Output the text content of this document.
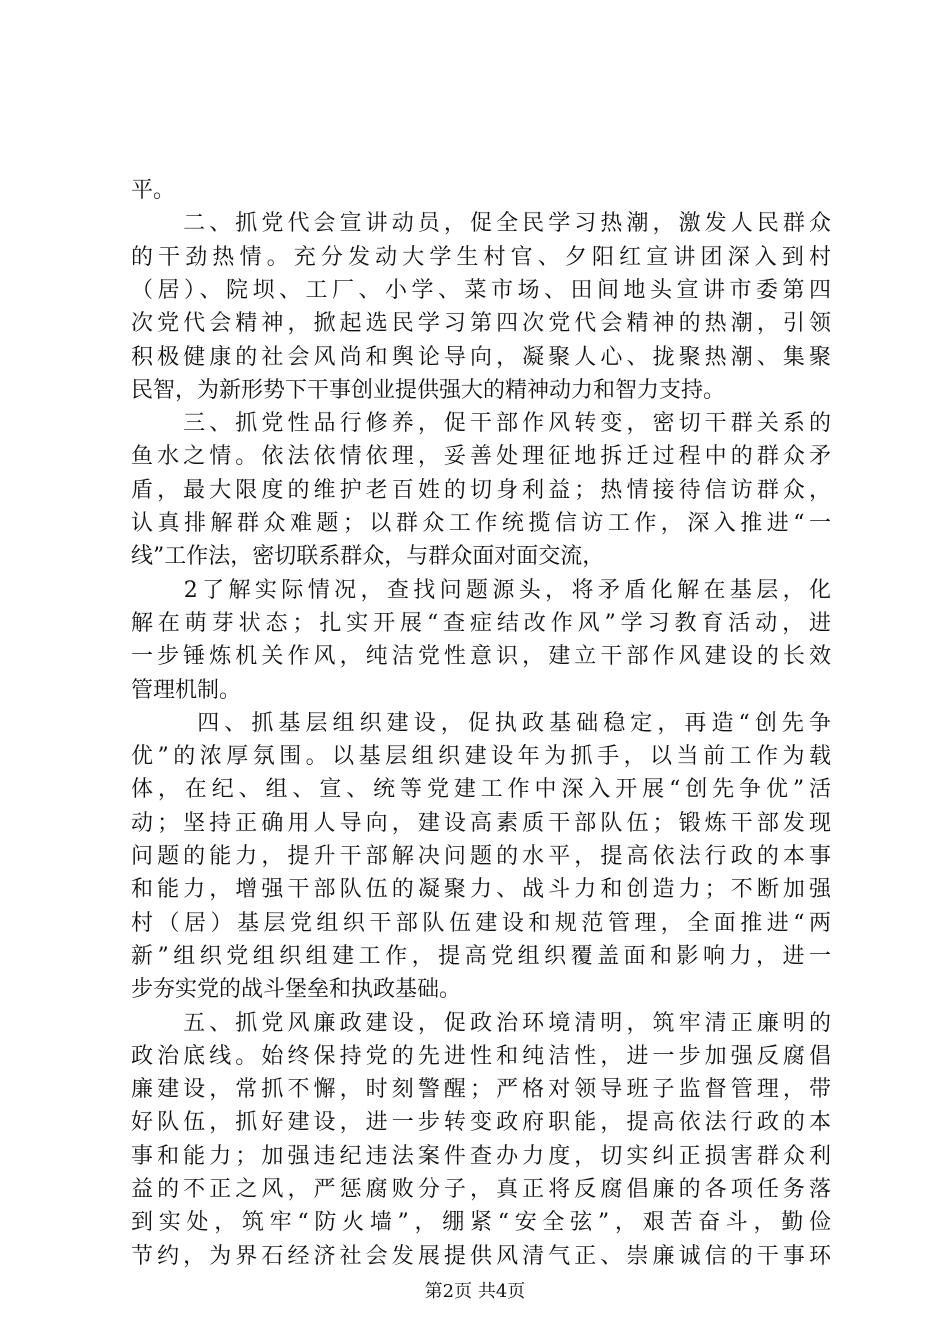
平。
　　二、抓党代会宣讲动员，促全民学习热潮，激发人民群众
的干劲热情。充分发动大学生村官、夕阳红宣讲团深入到村
（居）、院坝、工厂、小学、菜市场、田间地头宣讲市委第四
次党代会精神，掀起选民学习第四次党代会精神的热潮，引领
积极健康的社会风尚和舆论导向，凝聚人心、拢聚热潮、集聚
民智，为新形势下干事创业提供强大的精神动力和智力支持。
　　三、抓党性品行修养，促干部作风转变，密切干群关系的
鱼水之情。依法依情依理，妥善处理征地拆迁过程中的群众矛
盾，最大限度的维护老百姓的切身利益；热情接待信访群众，
认真排解群众难题；以群众工作统揽信访工作，深入推进“一
线”工作法，密切联系群众，与群众面对面交流，
　　2了解实际情况，查找问题源头，将矛盾化解在基层，化
解在萌芽状态；扎实开展“查症结改作风”学习教育活动，进
一步锤炼机关作风，纯洁党性意识，建立干部作风建设的长效
管理机制。
　　 四、抓基层组织建设，促执政基础稳定，再造“创先争
优”的浓厚氛围。以基层组织建设年为抓手，以当前工作为载
体，在纪、组、宣、统等党建工作中深入开展“创先争优”活
动；坚持正确用人导向，建设高素质干部队伍；锻炼干部发现
问题的能力，提升干部解决问题的水平，提高依法行政的本事
和能力，增强干部队伍的凝聚力、战斗力和创造力；不断加强
村（居）基层党组织干部队伍建设和规范管理，全面推进“两
新”组织党组织组建工作，提高党组织覆盖面和影响力，进一
步夯实党的战斗堡垒和执政基础。
　　五、抓党风廉政建设，促政治环境清明，筑牢清正廉明的
政治底线。始终保持党的先进性和纯洁性，进一步加强反腐倡
廉建设，常抓不懈，时刻警醒；严格对领导班子监督管理，带
好队伍，抓好建设，进一步转变政府职能，提高依法行政的本
事和能力；加强违纪违法案件查办力度，切实纠正损害群众利
益的不正之风，严惩腐败分子，真正将反腐倡廉的各项任务落
到实处，筑牢“防火墙”，绷紧“安全弦”，艰苦奋斗，勤俭
节约，为界石经济社会发展提供风清气正、崇廉诚信的干事环
第2页 共4页
